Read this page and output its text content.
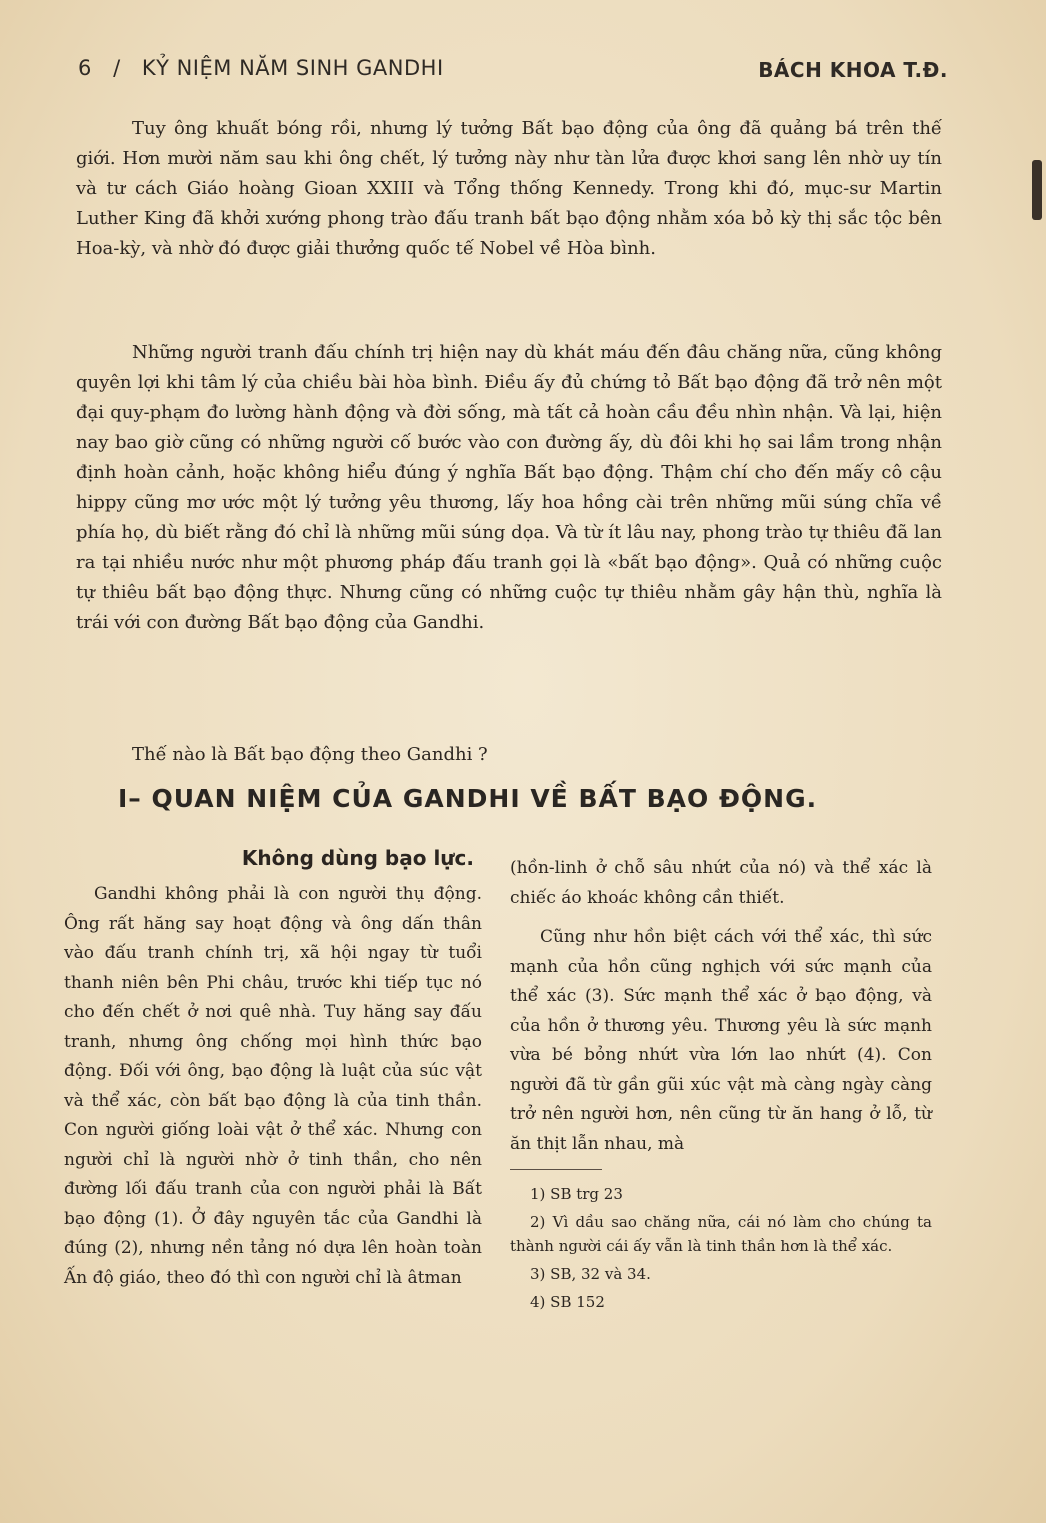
6 / KỶ NIỆM NĂM SINH GANDHI	BÁCH KHOA T.Đ.

Tuy ông khuất bóng rồi, nhưng lý tưởng Bất bạo động của ông đã quảng bá trên thế giới. Hơn mười năm sau khi ông chết, lý tưởng này như tàn lửa được khơi sang lên nhờ uy tín và tư cách Giáo hoàng Gioan XXIII và Tổng thống Kennedy. Trong khi đó, mục-sư Martin Luther King đã khởi xướng phong trào đấu tranh bất bạo động nhằm xóa bỏ kỳ thị sắc tộc bên Hoa-kỳ, và nhờ đó được giải thưởng quốc tế Nobel về Hòa bình.

Những người tranh đấu chính trị hiện nay dù khát máu đến đâu chăng nữa, cũng không quyên lợi khi tâm lý của chiều bài hòa bình. Điều ấy đủ chứng tỏ Bất bạo động đã trở nên một đại quy-phạm đo lường hành động và đời sống, mà tất cả hoàn cầu đều nhìn nhận. Và lại, hiện nay bao giờ cũng có những người cố bước vào con đường ấy, dù đôi khi họ sai lầm trong nhận định hoàn cảnh, hoặc không hiểu đúng ý nghĩa Bất bạo động. Thậm chí cho đến mấy cô cậu hippy cũng mơ ước một lý tưởng yêu thương, lấy hoa hồng cài trên những mũi súng chĩa về phía họ, dù biết rằng đó chỉ là những mũi súng dọa. Và từ ít lâu nay, phong trào tự thiêu đã lan ra tại nhiều nước như một phương pháp đấu tranh gọi là «bất bạo động». Quả có những cuộc tự thiêu bất bạo động thực. Nhưng cũng có những cuộc tự thiêu nhằm gây hận thù, nghĩa là trái với con đường Bất bạo động của Gandhi.

Thế nào là Bất bạo động theo Gandhi ?

I– QUAN NIỆM CỦA GANDHI VỀ BẤT BẠO ĐỘNG.
Không dùng bạo lực.

Gandhi không phải là con người thụ động. Ông rất hăng say hoạt động và ông dấn thân vào đấu tranh chính trị, xã hội ngay từ tuổi thanh niên bên Phi châu, trước khi tiếp tục nó cho đến chết ở nơi quê nhà. Tuy hăng say đấu tranh, nhưng ông chống mọi hình thức bạo động. Đối với ông, bạo động là luật của súc vật và thể xác, còn bất bạo động là của tinh thần. Con người giống loài vật ở thể xác. Nhưng con người chỉ là người nhờ ở tinh thần, cho nên đường lối đấu tranh của con người phải là Bất bạo động (1). Ở đây nguyên tắc của Gandhi là đúng (2), nhưng nền tảng nó dựa lên hoàn toàn Ấn độ giáo, theo đó thì con người chỉ là âtman

(hồn-linh ở chỗ sâu nhứt của nó) và thể xác là chiếc áo khoác không cần thiết.

Cũng như hồn biệt cách với thể xác, thì sức mạnh của hồn cũng nghịch với sức mạnh của thể xác (3). Sức mạnh thể xác ở bạo động, và của hồn ở thương yêu. Thương yêu là sức mạnh vừa bé bỏng nhứt vừa lớn lao nhứt (4). Con người đã từ gần gũi xúc vật mà càng ngày càng trở nên người hơn, nên cũng từ ăn hang ở lỗ, từ ăn thịt lẫn nhau, mà

1) SB trg 23
2) Vì dầu sao chăng nữa, cái nó làm cho chúng ta thành người cái ấy vẫn là tinh thần hơn là thể xác.
3) SB, 32 và 34.
4) SB 152
